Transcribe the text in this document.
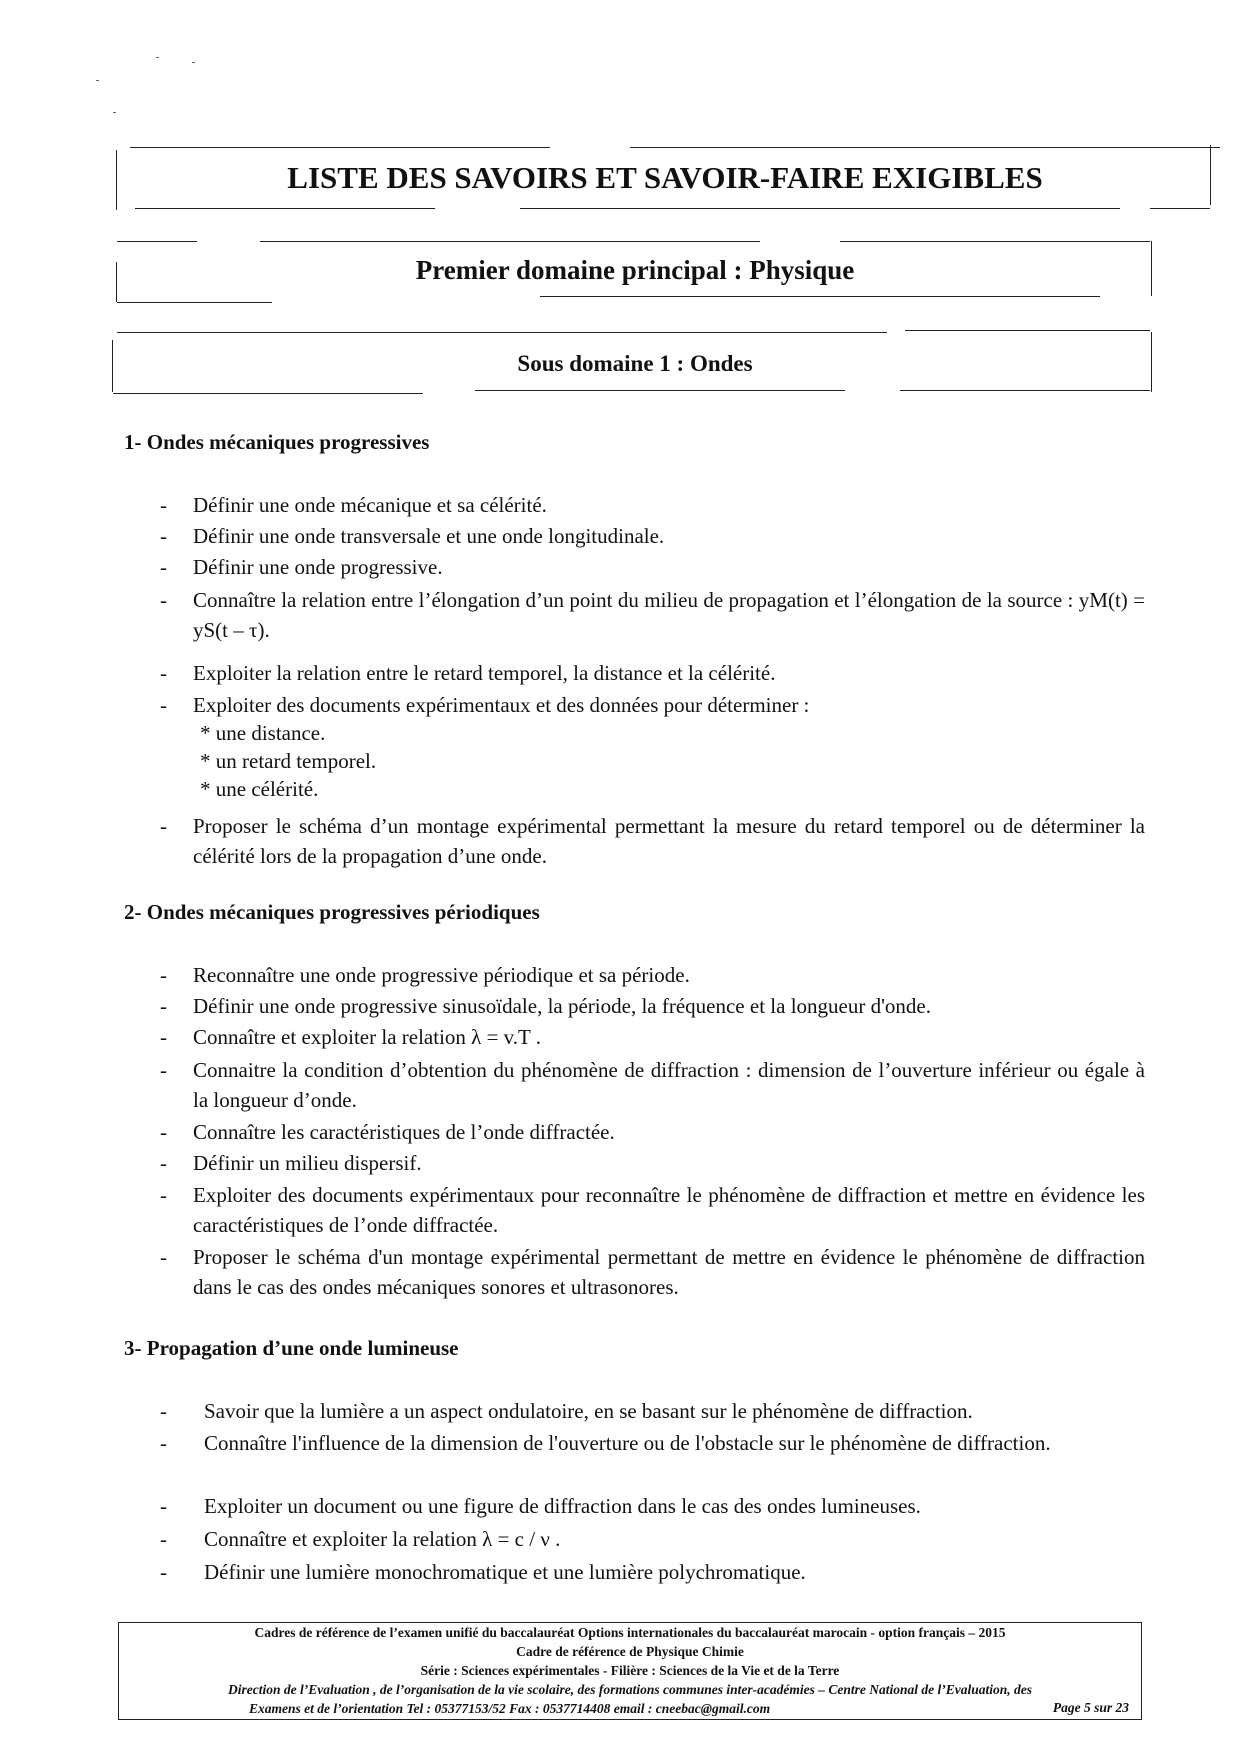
LISTE DES SAVOIRS ET SAVOIR-FAIRE EXIGIBLES
Premier domaine principal : Physique
Sous domaine 1 : Ondes
1- Ondes mécaniques progressives
- Définir une onde mécanique et sa célérité.
- Définir une onde transversale et une onde longitudinale.
- Définir une onde progressive.
- Connaître la relation entre l’élongation d’un point du milieu de propagation et l’élongation de la source : yM(t) = yS(t – τ).
- Exploiter la relation entre le retard temporel, la distance et la célérité.
- Exploiter des documents expérimentaux et des données pour déterminer :
* une distance.
* un retard temporel.
* une célérité.
- Proposer le schéma d’un montage expérimental permettant la mesure du retard temporel ou de déterminer la célérité lors de la propagation d’une onde.
2- Ondes mécaniques progressives périodiques
- Reconnaître une onde progressive périodique et sa période.
- Définir une onde progressive sinusoïdale, la période, la fréquence et la longueur d'onde.
- Connaître et exploiter la relation λ = v.T .
- Connaitre la condition d’obtention du phénomène de diffraction : dimension de l’ouverture inférieur ou égale à la longueur d’onde.
- Connaître les caractéristiques de l’onde diffractée.
- Définir un milieu dispersif.
- Exploiter des documents expérimentaux pour reconnaître le phénomène de diffraction et mettre en évidence les caractéristiques de l’onde diffractée.
- Proposer le schéma d'un montage expérimental permettant de mettre en évidence le phénomène de diffraction dans le cas des ondes mécaniques sonores et ultrasonores.
3- Propagation d’une onde lumineuse
- Savoir que la lumière a un aspect ondulatoire, en se basant sur le phénomène de diffraction.
- Connaître l'influence de la dimension de l'ouverture ou de l'obstacle sur le phénomène de diffraction.
- Exploiter un document ou une figure de diffraction dans le cas des ondes lumineuses.
- Connaître et exploiter la relation λ = c / ν .
- Définir une lumière monochromatique et une lumière polychromatique.
Cadres de référence de l’examen unifié du baccalauréat Options internationales du baccalauréat marocain - option français – 2015
Cadre de référence de Physique Chimie
Série : Sciences expérimentales - Filière : Sciences de la Vie et de la Terre
Direction de l’Evaluation , de l’organisation de la vie scolaire, des formations communes inter-académies – Centre National de l’Evaluation, des
Examens et de l’orientation Tel : 05377153/52 Fax : 0537714408 email : cneebac@gmail.com	Page 5 sur 23
